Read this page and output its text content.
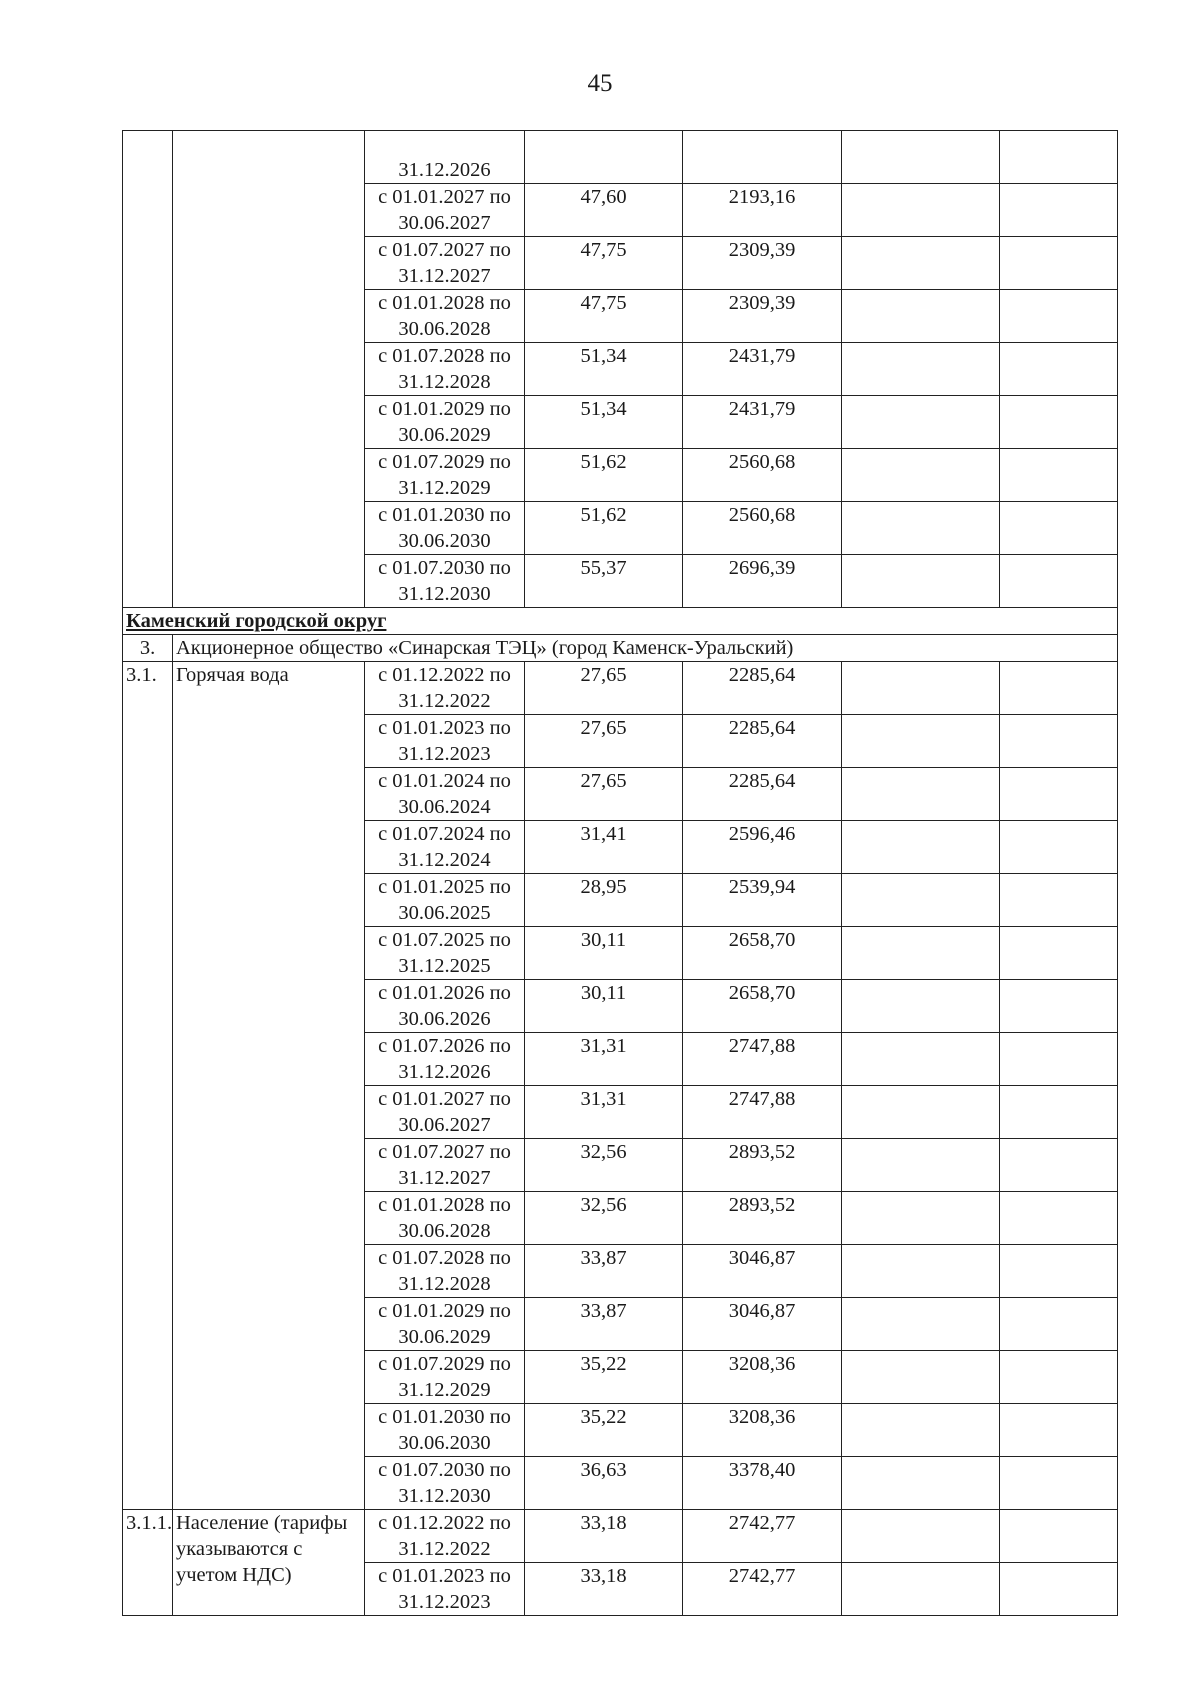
45

31.12.2026				
		с 01.01.2027 по
30.06.2027	47,60	2193,16		
		с 01.07.2027 по
31.12.2027	47,75	2309,39		
		с 01.01.2028 по
30.06.2028	47,75	2309,39		
		с 01.07.2028 по
31.12.2028	51,34	2431,79		
		с 01.01.2029 по
30.06.2029	51,34	2431,79		
		с 01.07.2029 по
31.12.2029	51,62	2560,68		
		с 01.01.2030 по
30.06.2030	51,62	2560,68		
		с 01.07.2030 по
31.12.2030	55,37	2696,39		
Каменский городской округ						
3.	Акционерное общество «Синарская ТЭЦ» (город Каменск-Уральский)					
3.1.	Горячая вода	с 01.12.2022 по
31.12.2022	27,65	2285,64		
		с 01.01.2023 по
31.12.2023	27,65	2285,64		
		с 01.01.2024 по
30.06.2024	27,65	2285,64		
		с 01.07.2024 по
31.12.2024	31,41	2596,46		
		с 01.01.2025 по
30.06.2025	28,95	2539,94		
		с 01.07.2025 по
31.12.2025	30,11	2658,70		
		с 01.01.2026 по
30.06.2026	30,11	2658,70		
		с 01.07.2026 по
31.12.2026	31,31	2747,88		
		с 01.01.2027 по
30.06.2027	31,31	2747,88		
		с 01.07.2027 по
31.12.2027	32,56	2893,52		
		с 01.01.2028 по
30.06.2028	32,56	2893,52		
		с 01.07.2028 по
31.12.2028	33,87	3046,87		
		с 01.01.2029 по
30.06.2029	33,87	3046,87		
		с 01.07.2029 по
31.12.2029	35,22	3208,36		
		с 01.01.2030 по
30.06.2030	35,22	3208,36		
		с 01.07.2030 по
31.12.2030	36,63	3378,40		
3.1.1.	Население (тарифы
указываются с
учетом НДС)	с 01.12.2022 по
31.12.2022	33,18	2742,77		
		с 01.01.2023 по
31.12.2023	33,18	2742,77		
